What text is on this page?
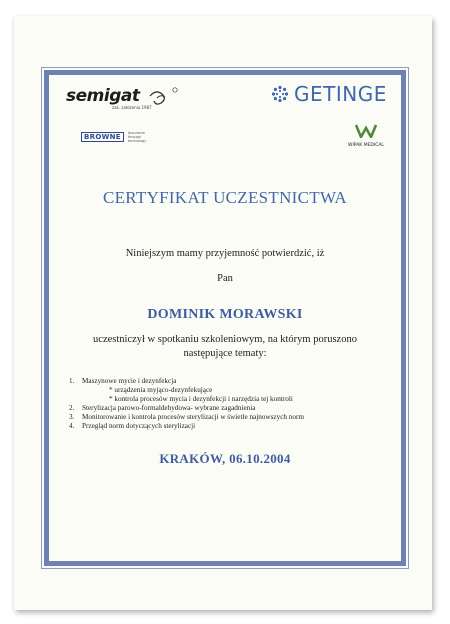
semigat
zak. założenia 1987
GETINGE
BROWNE	Assurance
through
technology
WIPAK MEDICAL
CERTYFIKAT UCZESTNICTWA
Niniejszym mamy przyjemność potwierdzić, iż
Pan
DOMINIK MORAWSKI
uczestniczył w spotkaniu szkoleniowym, na którym poruszono
następujące tematy:
1.	Maszynowe mycie i dezynfekcja
* urządzenia myjąco-dezynfekujące
* kontrola procesów mycia i dezynfekcji i narzędzia tej kontroli
2.	Sterylizacja parowo-formaldehydowa- wybrane zagadnienia
3.	Monitorowanie i kontrola procesów sterylizacji w świetle najnowszych norm
4.	Przegląd norm dotyczących sterylizacji
KRAKÓW, 06.10.2004
